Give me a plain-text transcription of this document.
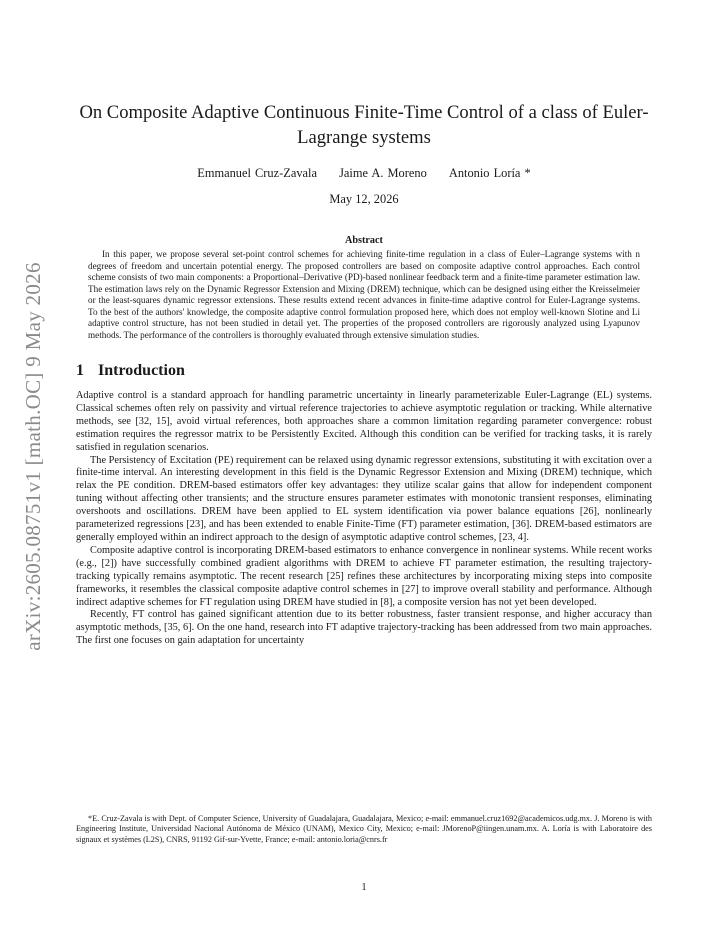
arXiv:2605.08751v1 [math.OC] 9 May 2026
On Composite Adaptive Continuous Finite-Time Control of a class of Euler-Lagrange systems
Emmanuel Cruz-Zavala Jaime A. Moreno Antonio Loría *
May 12, 2026
Abstract

In this paper, we propose several set-point control schemes for achieving finite-time regulation in a class of Euler–Lagrange systems with n degrees of freedom and uncertain potential energy. The proposed controllers are based on composite adaptive control approaches. Each control scheme consists of two main components: a Proportional–Derivative (PD)-based nonlinear feedback term and a finite-time parameter estimation law. The estimation laws rely on the Dynamic Regressor Extension and Mixing (DREM) technique, which can be designed using either the Kreisselmeier or the least-squares dynamic regressor extensions. These results extend recent advances in finite-time adaptive control for Euler-Lagrange systems. To the best of the authors' knowledge, the composite adaptive control formulation proposed here, which does not employ well-known Slotine and Li adaptive control structure, has not been studied in detail yet. The properties of the proposed controllers are rigorously analyzed using Lyapunov methods. The performance of the controllers is thoroughly evaluated through extensive simulation studies.

1 Introduction

Adaptive control is a standard approach for handling parametric uncertainty in linearly parameterizable Euler-Lagrange (EL) systems. Classical schemes often rely on passivity and virtual reference trajectories to achieve asymptotic regulation or tracking. While alternative methods, see [32, 15], avoid virtual references, both approaches share a common limitation regarding parameter convergence: robust estimation requires the regressor matrix to be Persistently Excited. Although this condition can be verified for tracking tasks, it is rarely satisfied in regulation scenarios.

The Persistency of Excitation (PE) requirement can be relaxed using dynamic regressor extensions, substituting it with excitation over a finite-time interval. An interesting development in this field is the Dynamic Regressor Extension and Mixing (DREM) technique, which relax the PE condition. DREM-based estimators offer key advantages: they utilize scalar gains that allow for independent component tuning without affecting other transients; and the structure ensures parameter estimates with monotonic transient responses, eliminating overshoots and oscillations. DREM have been applied to EL system identification via power balance equations [26], nonlinearly parameterized regressions [23], and has been extended to enable Finite-Time (FT) parameter estimation, [36]. DREM-based estimators are generally employed within an indirect approach to the design of asymptotic adaptive control schemes, [23, 4].

Composite adaptive control is incorporating DREM-based estimators to enhance convergence in nonlinear systems. While recent works (e.g., [2]) have successfully combined gradient algorithms with DREM to achieve FT parameter estimation, the resulting trajectory-tracking typically remains asymptotic. The recent research [25] refines these architectures by incorporating mixing steps into composite frameworks, it resembles the classical composite adaptive control schemes in [27] to improve overall stability and performance. Although indirect adaptive schemes for FT regulation using DREM have studied in [8], a composite version has not yet been developed.

Recently, FT control has gained significant attention due to its better robustness, faster transient response, and higher accuracy than asymptotic methods, [35, 6]. On the one hand, research into FT adaptive trajectory-tracking has been addressed from two main approaches. The first one focuses on gain adaptation for uncertainty

*E. Cruz-Zavala is with Dept. of Computer Science, University of Guadalajara, Guadalajara, Mexico; e-mail: emmanuel.cruz1692@academicos.udg.mx. J. Moreno is with Engineering Institute, Universidad Nacional Autónoma de México (UNAM), Mexico City, Mexico; e-mail: JMorenoP@iingen.unam.mx. A. Loría is with Laboratoire des signaux et systèmes (L2S), CNRS, 91192 Gif-sur-Yvette, France; e-mail: antonio.loria@cnrs.fr
1
